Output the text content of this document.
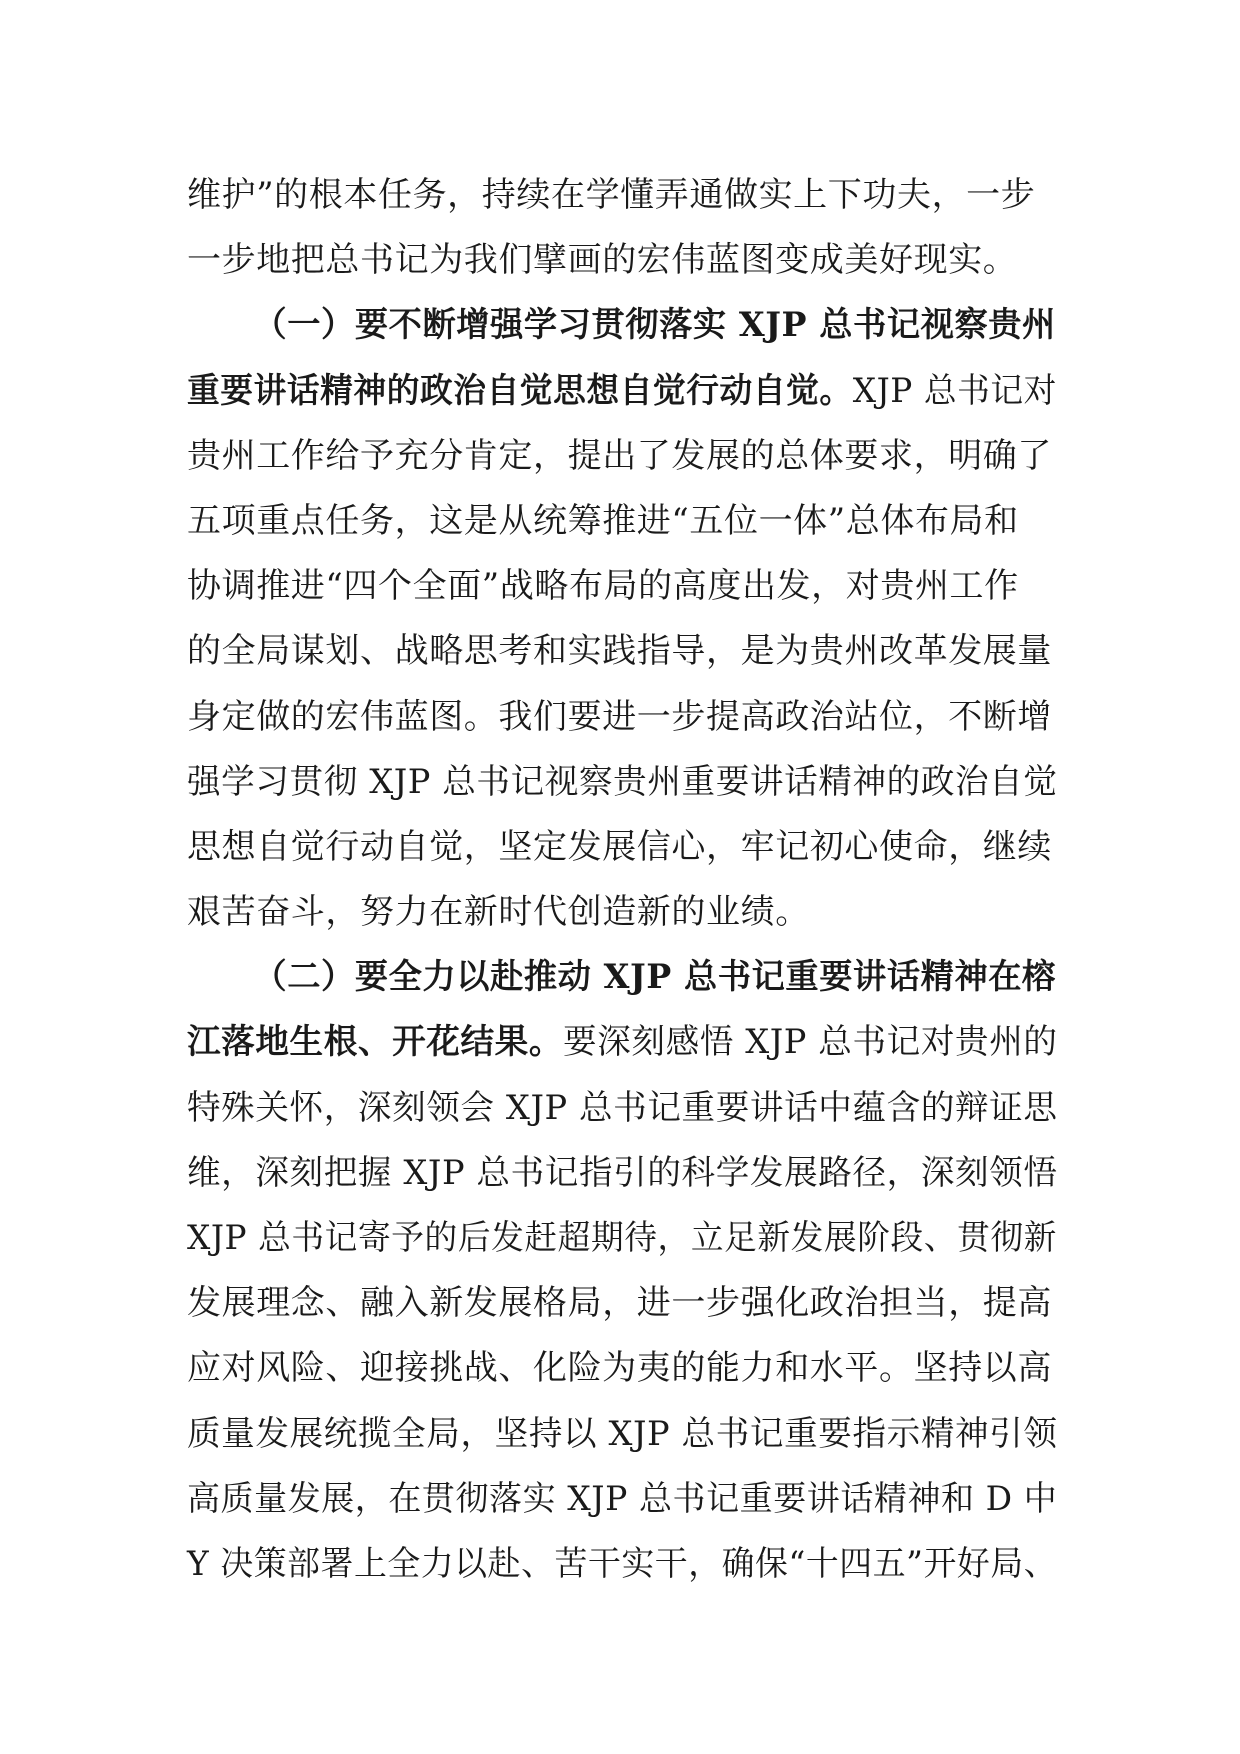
维护”的根本任务，持续在学懂弄通做实上下功夫，一步
一步地把总书记为我们擘画的宏伟蓝图变成美好现实。
（一）要不断增强学习贯彻落实 XJP 总书记视察贵州
重要讲话精神的政治自觉思想自觉行动自觉。XJP 总书记对
贵州工作给予充分肯定，提出了发展的总体要求，明确了
五项重点任务，这是从统筹推进“五位一体”总体布局和
协调推进“四个全面”战略布局的高度出发，对贵州工作
的全局谋划、战略思考和实践指导，是为贵州改革发展量
身定做的宏伟蓝图。我们要进一步提高政治站位，不断增
强学习贯彻 XJP 总书记视察贵州重要讲话精神的政治自觉
思想自觉行动自觉，坚定发展信心，牢记初心使命，继续
艰苦奋斗，努力在新时代创造新的业绩。
（二）要全力以赴推动 XJP 总书记重要讲话精神在榕
江落地生根、开花结果。要深刻感悟 XJP 总书记对贵州的
特殊关怀，深刻领会 XJP 总书记重要讲话中蕴含的辩证思
维，深刻把握 XJP 总书记指引的科学发展路径，深刻领悟
XJP 总书记寄予的后发赶超期待，立足新发展阶段、贯彻新
发展理念、融入新发展格局，进一步强化政治担当，提高
应对风险、迎接挑战、化险为夷的能力和水平。坚持以高
质量发展统揽全局，坚持以 XJP 总书记重要指示精神引领
高质量发展，在贯彻落实 XJP 总书记重要讲话精神和 D 中
Y 决策部署上全力以赴、苦干实干，确保“十四五”开好局、
